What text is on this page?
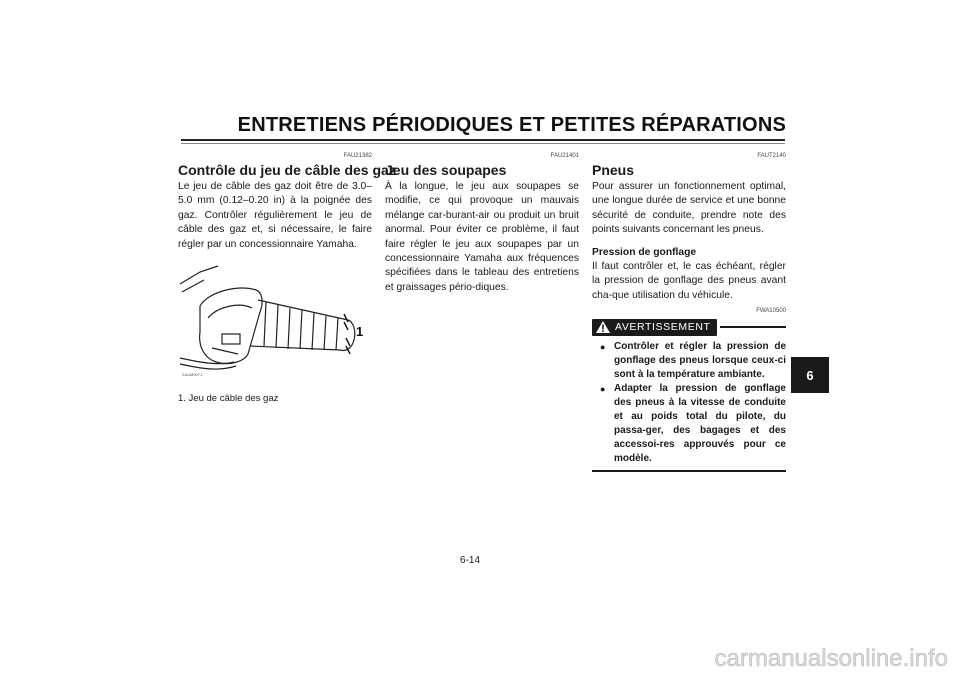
ENTRETIENS PÉRIODIQUES ET PETITES RÉPARATIONS
FAU21382
Contrôle du jeu de câble des gaz

Le jeu de câble des gaz doit être de 3.0–5.0 mm (0.12–0.20 in) à la poignée des gaz. Contrôler régulièrement le jeu de câble des gaz et, si nécessaire, le faire régler par un concessionnaire Yamaha.

1
ZAUM0071
1. Jeu de câble des gaz
FAU21401
Jeu des soupapes

À la longue, le jeu aux soupapes se modifie, ce qui provoque un mauvais mélange car-burant-air ou produit un bruit anormal. Pour éviter ce problème, il faut faire régler le jeu aux soupapes par un concessionnaire Yamaha aux fréquences spécifiées dans le tableau des entretiens et graissages pério-diques.

FAUT2140
Pneus

Pour assurer un fonctionnement optimal, une longue durée de service et une bonne sécurité de conduite, prendre note des points suivants concernant les pneus.

Pression de gonflage

Il faut contrôler et, le cas échéant, régler la pression de gonflage des pneus avant cha-que utilisation du véhicule.

FWA10500
AVERTISSEMENT
● Contrôler et régler la pression de gonflage des pneus lorsque ceux-ci sont à la température ambiante.
● Adapter la pression de gonflage des pneus à la vitesse de conduite et au poids total du pilote, du passa-ger, des bagages et des accessoi-res approuvés pour ce modèle.
6
6-14
carmanualsonline.info
